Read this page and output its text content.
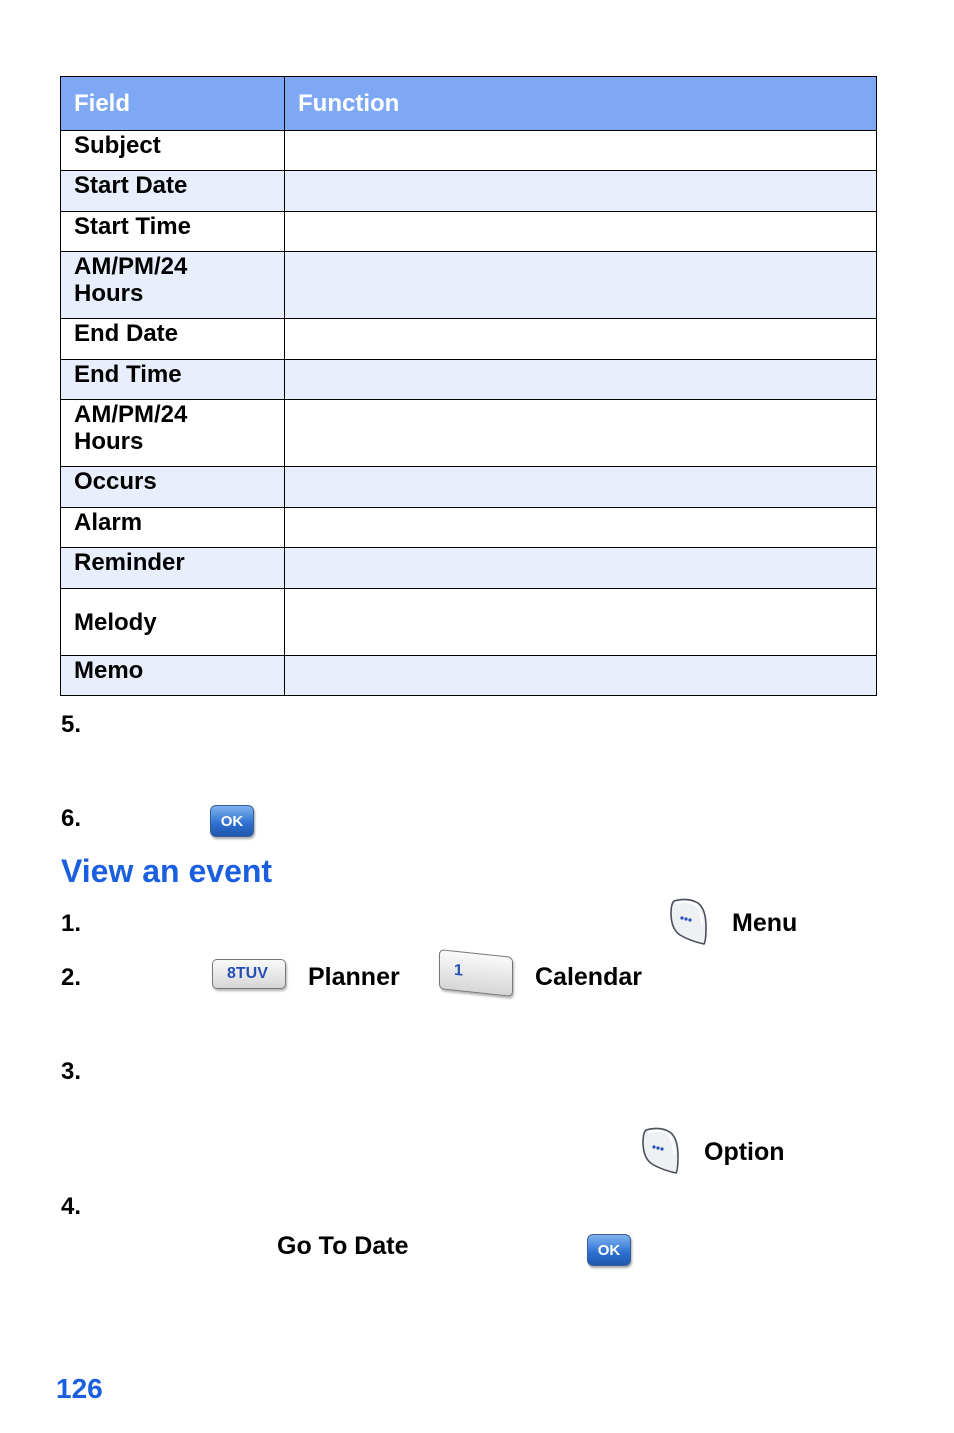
Field	Function
Subject	
Start Date	
Start Time	
AM/PM/24 Hours	
End Date	
End Time	
AM/PM/24 Hours	
Occurs	
Alarm	
Reminder	
Melody	
Memo	
5.
6.	OK
View an event
1.	Menu
2.	8TUV	Planner	1	Calendar
3.
Option
4.
Go To Date	OK
126
